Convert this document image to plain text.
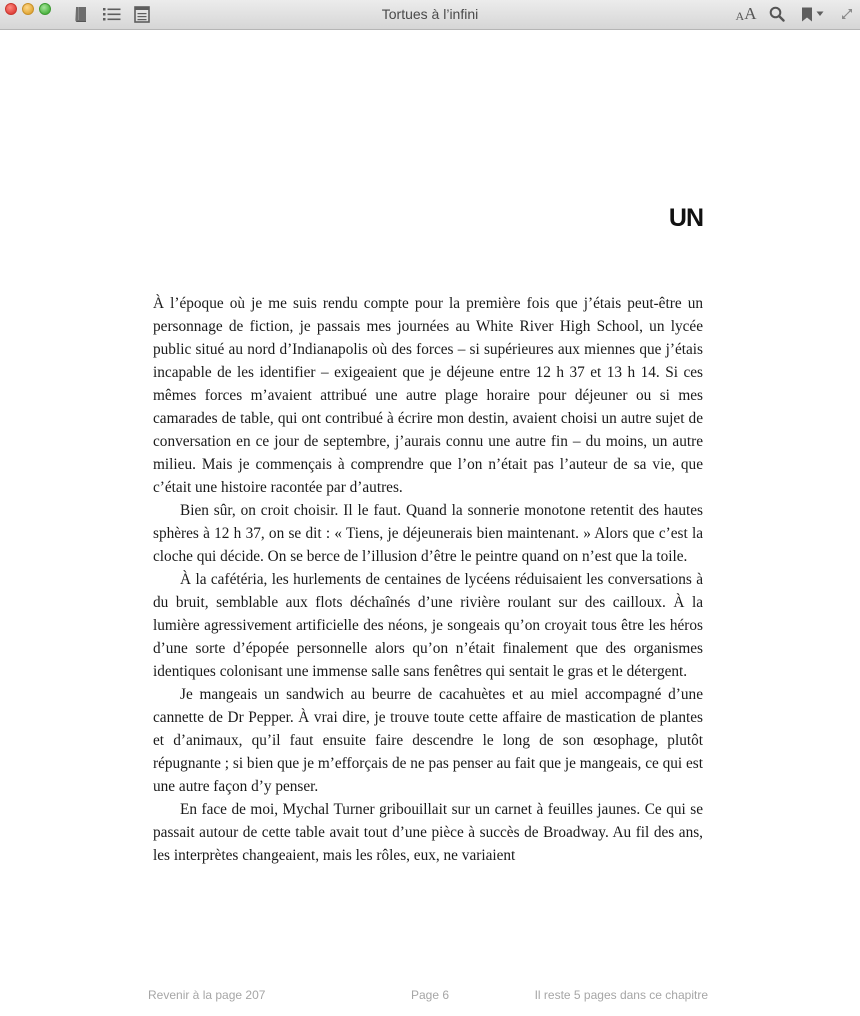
Tortues à l’infini	A A
UN

À l’époque où je me suis rendu compte pour la première fois que j’étais peut-être un personnage de fiction, je passais mes journées au White River High School, un lycée public situé au nord d’Indianapolis où des forces – si supérieures aux miennes que j’étais incapable de les identifier – exigeaient que je déjeune entre 12 h 37 et 13 h 14. Si ces mêmes forces m’avaient attribué une autre plage horaire pour déjeuner ou si mes camarades de table, qui ont contribué à écrire mon destin, avaient choisi un autre sujet de conversation en ce jour de septembre, j’aurais connu une autre fin – du moins, un autre milieu. Mais je commençais à comprendre que l’on n’était pas l’auteur de sa vie, que c’était une histoire racontée par d’autres.

Bien sûr, on croit choisir. Il le faut. Quand la sonnerie monotone retentit des hautes sphères à 12 h 37, on se dit : « Tiens, je déjeunerais bien maintenant. » Alors que c’est la cloche qui décide. On se berce de l’illusion d’être le peintre quand on n’est que la toile.

À la cafétéria, les hurlements de centaines de lycéens réduisaient les conversations à du bruit, semblable aux flots déchaînés d’une rivière roulant sur des cailloux. À la lumière agressivement artificielle des néons, je songeais qu’on croyait tous être les héros d’une sorte d’épopée personnelle alors qu’on n’était finalement que des organismes identiques colonisant une immense salle sans fenêtres qui sentait le gras et le détergent.

Je mangeais un sandwich au beurre de cacahuètes et au miel accompagné d’une cannette de Dr Pepper. À vrai dire, je trouve toute cette affaire de mastication de plantes et d’animaux, qu’il faut ensuite faire descendre le long de son œsophage, plutôt répugnante ; si bien que je m’efforçais de ne pas penser au fait que je mangeais, ce qui est une autre façon d’y penser.

En face de moi, Mychal Turner gribouillait sur un carnet à feuilles jaunes. Ce qui se passait autour de cette table avait tout d’une pièce à succès de Broadway. Au fil des ans, les interprètes changeaient, mais les rôles, eux, ne variaient

Revenir à la page 207	Page 6	Il reste 5 pages dans ce chapitre
